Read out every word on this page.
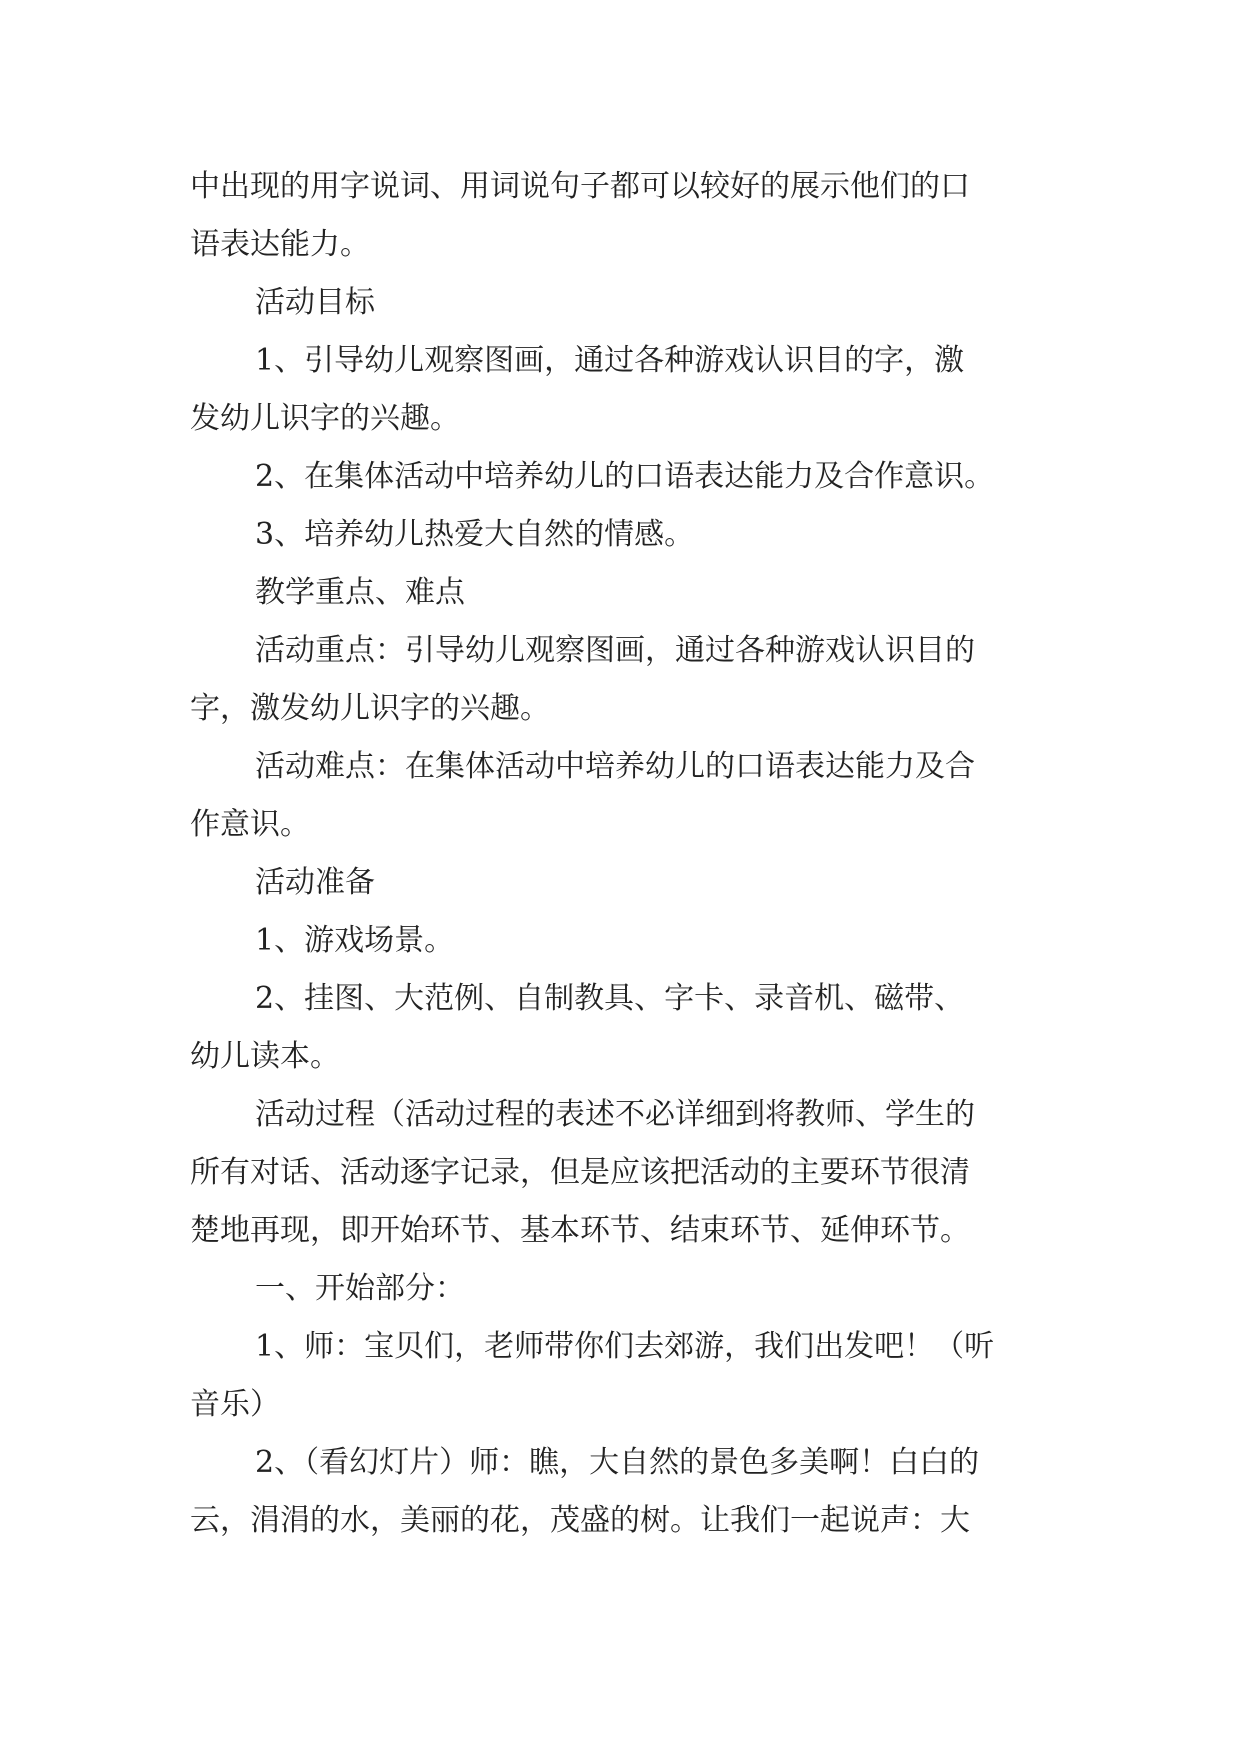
中出现的用字说词、用词说句子都可以较好的展示他们的口
语表达能力。
活动目标
1、引导幼儿观察图画，通过各种游戏认识目的字，激
发幼儿识字的兴趣。
2、在集体活动中培养幼儿的口语表达能力及合作意识。
3、培养幼儿热爱大自然的情感。
教学重点、难点
活动重点：引导幼儿观察图画，通过各种游戏认识目的
字，激发幼儿识字的兴趣。
活动难点：在集体活动中培养幼儿的口语表达能力及合
作意识。
活动准备
1、游戏场景。
2、挂图、大范例、自制教具、字卡、录音机、磁带、
幼儿读本。
活动过程（活动过程的表述不必详细到将教师、学生的
所有对话、活动逐字记录，但是应该把活动的主要环节很清
楚地再现，即开始环节、基本环节、结束环节、延伸环节。
一、开始部分：
1、师：宝贝们，老师带你们去郊游，我们出发吧！（听
音乐）
2、（看幻灯片）师：瞧，大自然的景色多美啊！白白的
云，涓涓的水，美丽的花，茂盛的树。让我们一起说声：大
